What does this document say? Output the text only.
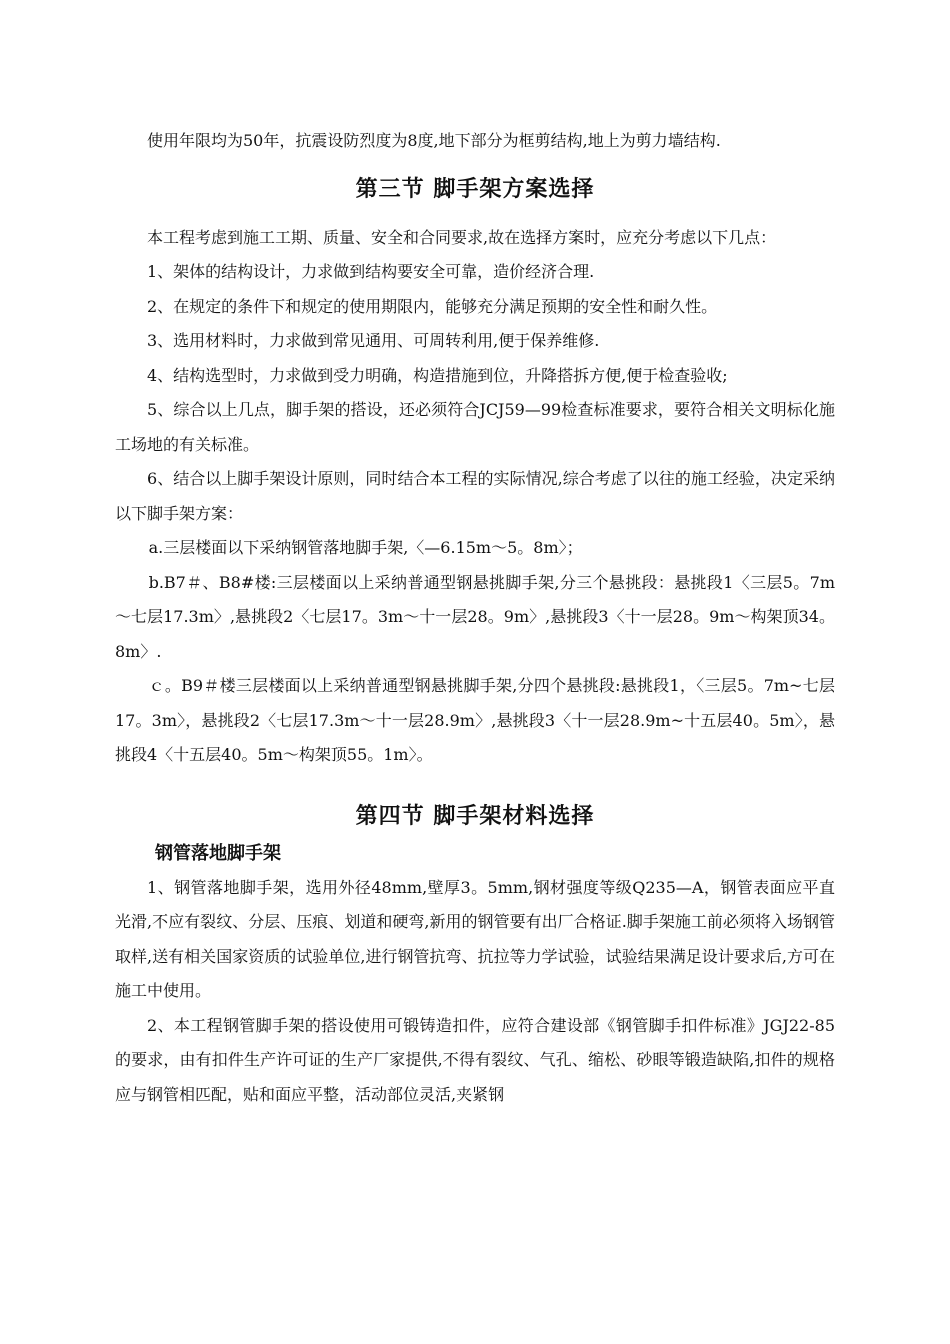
使用年限均为50年，抗震设防烈度为8度,地下部分为框剪结构,地上为剪力墙结构.

第三节 脚手架方案选择

本工程考虑到施工工期、质量、安全和合同要求,故在选择方案时，应充分考虑以下几点：

1、架体的结构设计，力求做到结构要安全可靠，造价经济合理.

2、在规定的条件下和规定的使用期限内，能够充分满足预期的安全性和耐久性。

3、选用材料时，力求做到常见通用、可周转利用,便于保养维修.

4、结构选型时，力求做到受力明确，构造措施到位，升降搭拆方便,便于检查验收;

5、综合以上几点，脚手架的搭设，还必须符合JCJ59—99检查标准要求，要符合相关文明标化施工场地的有关标准。

6、结合以上脚手架设计原则，同时结合本工程的实际情况,综合考虑了以往的施工经验，决定采纳以下脚手架方案：

a.三层楼面以下采纳钢管落地脚手架,〈—6.15m～5。8m〉；

b.B7＃、B8#楼:三层楼面以上采纳普通型钢悬挑脚手架,分三个悬挑段：悬挑段1〈三层5。7m～七层17.3m〉,悬挑段2〈七层17。3m～十一层28。9m〉,悬挑段3〈十一层28。9m～构架顶34。8m〉.

ｃ。B9＃楼三层楼面以上采纳普通型钢悬挑脚手架,分四个悬挑段:悬挑段1，〈三层5。7m~七层17。3m〉，悬挑段2〈七层17.3m～十一层28.9m〉,悬挑段3〈十一层28.9m~十五层40。5m〉，悬挑段4〈十五层40。5m～构架顶55。1m〉。

第四节 脚手架材料选择
钢管落地脚手架

1、钢管落地脚手架，选用外径48mm,壁厚3。5mm,钢材强度等级Q235—A，钢管表面应平直光滑,不应有裂纹、分层、压痕、划道和硬弯,新用的钢管要有出厂合格证.脚手架施工前必须将入场钢管取样,送有相关国家资质的试验单位,进行钢管抗弯、抗拉等力学试验，试验结果满足设计要求后,方可在施工中使用。

2、本工程钢管脚手架的搭设使用可锻铸造扣件，应符合建设部《钢管脚手扣件标准》JGJ22-85的要求，由有扣件生产许可证的生产厂家提供,不得有裂纹、气孔、缩松、砂眼等锻造缺陷,扣件的规格应与钢管相匹配，贴和面应平整，活动部位灵活,夹紧钢
